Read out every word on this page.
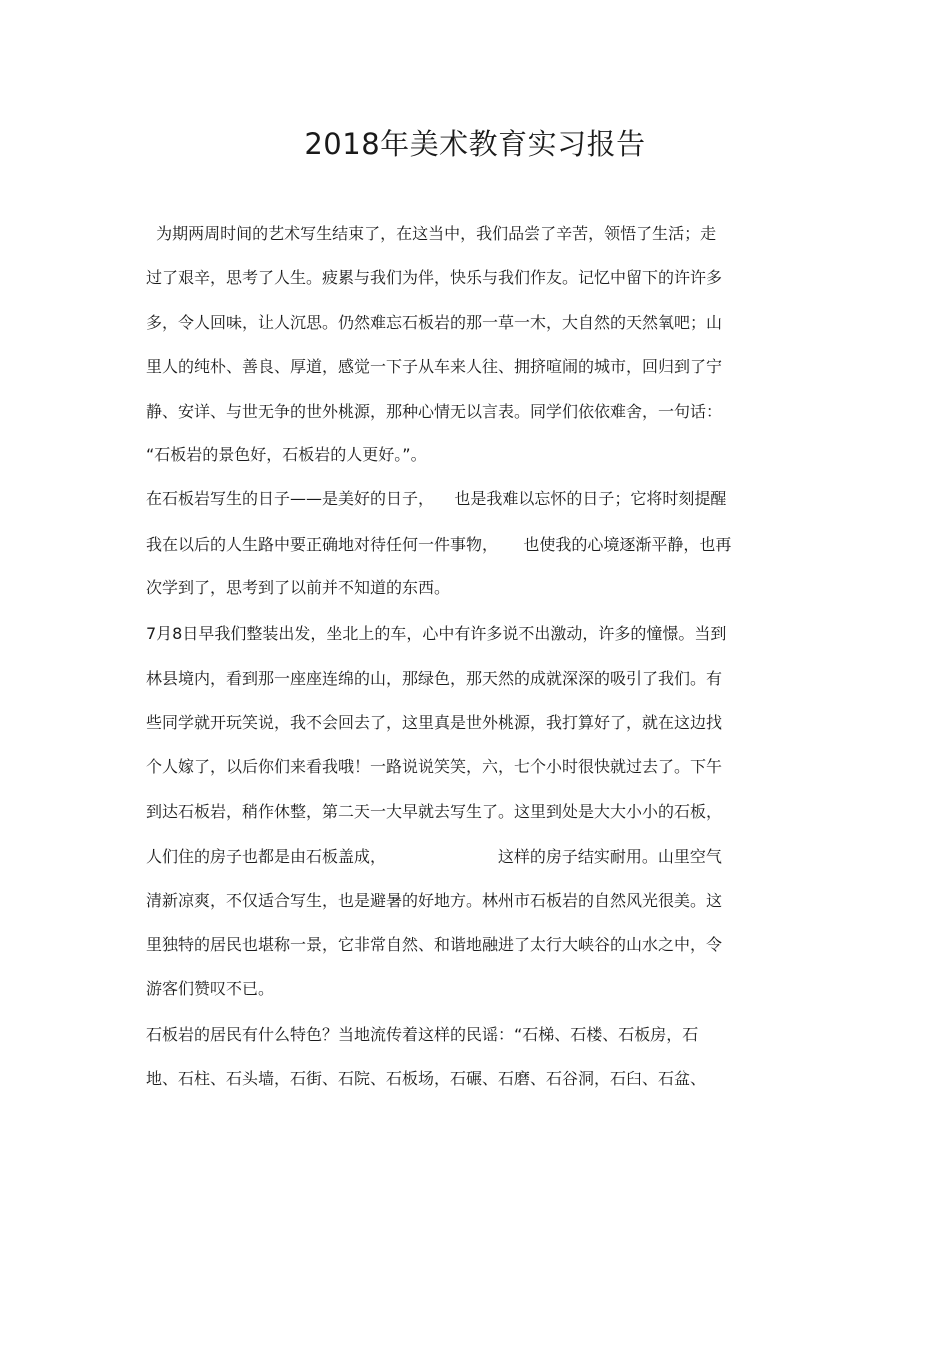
2018年美术教育实习报告

为期两周时间的艺术写生结束了，在这当中，我们品尝了辛苦，领悟了生活；走

过了艰辛，思考了人生。疲累与我们为伴，快乐与我们作友。记忆中留下的许许多

多，令人回味，让人沉思。仍然难忘石板岩的那一草一木，大自然的天然氧吧；山

里人的纯朴、善良、厚道，感觉一下子从车来人往、拥挤喧闹的城市，回归到了宁

静、安详、与世无争的世外桃源，那种心情无以言表。同学们依依难舍，一句话：

“石板岩的景色好，石板岩的人更好。”。

在石板岩写生的日子——是美好的日子，    也是我难以忘怀的日子；它将时刻提醒

我在以后的人生路中要正确地对待任何一件事物，     也使我的心境逐渐平静，也再

次学到了，思考到了以前并不知道的东西。

7月8日早我们整装出发，坐北上的车，心中有许多说不出激动，许多的憧憬。当到

林县境内，看到那一座座连绵的山，那绿色，那天然的成就深深的吸引了我们。有

些同学就开玩笑说，我不会回去了，这里真是世外桃源，我打算好了，就在这边找

个人嫁了，以后你们来看我哦！一路说说笑笑，六，七个小时很快就过去了。下午

到达石板岩，稍作休整，第二天一大早就去写生了。这里到处是大大小小的石板，

人们住的房子也都是由石板盖成，                      这样的房子结实耐用。山里空气

清新凉爽，不仅适合写生，也是避暑的好地方。林州市石板岩的自然风光很美。这

里独特的居民也堪称一景，它非常自然、和谐地融进了太行大峡谷的山水之中，令

游客们赞叹不已。

石板岩的居民有什么特色？当地流传着这样的民谣：“石梯、石楼、石板房，石

地、石柱、石头墙，石街、石院、石板场，石碾、石磨、石谷洞，石臼、石盆、
